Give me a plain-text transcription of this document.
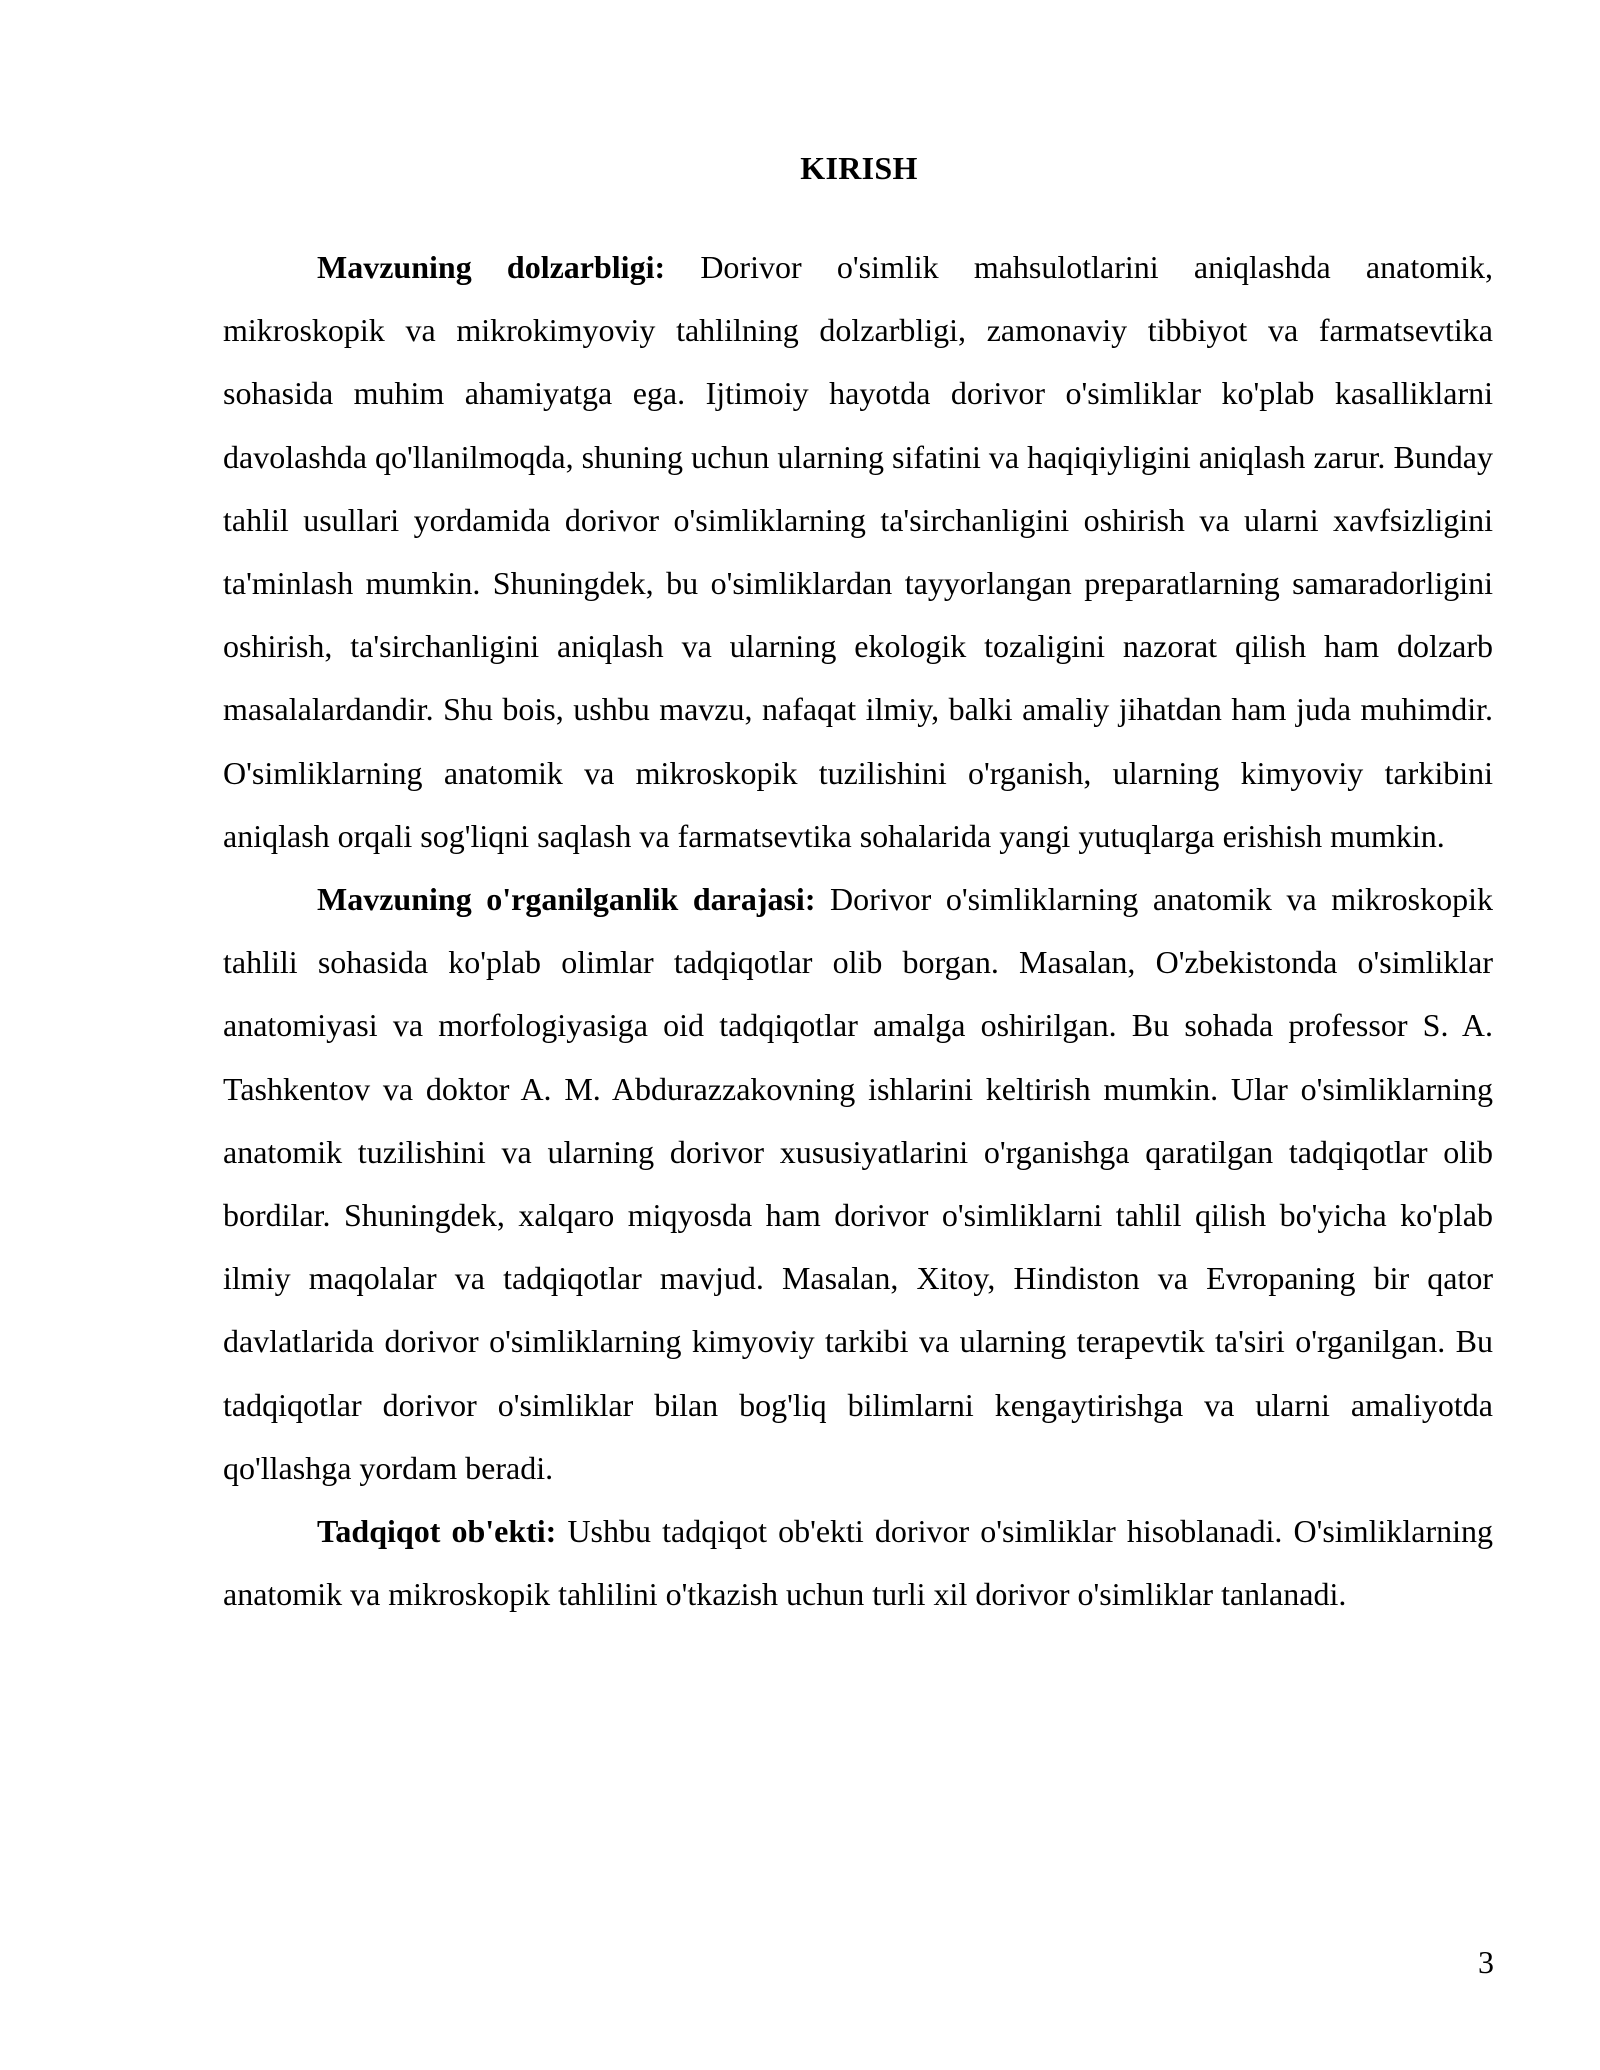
KIRISH

Mavzuning dolzarbligi: Dorivor o'simlik mahsulotlarini aniqlashda anatomik, mikroskopik va mikrokimyoviy tahlilning dolzarbligi, zamonaviy tibbiyot va farmatsevtika sohasida muhim ahamiyatga ega. Ijtimoiy hayotda dorivor o'simliklar ko'plab kasalliklarni davolashda qo'llanilmoqda, shuning uchun ularning sifatini va haqiqiyligini aniqlash zarur. Bunday tahlil usullari yordamida dorivor o'simliklarning ta'sirchanligini oshirish va ularni xavfsizligini ta'minlash mumkin. Shuningdek, bu o'simliklardan tayyorlangan preparatlarning samaradorligini oshirish, ta'sirchanligini aniqlash va ularning ekologik tozaligini nazorat qilish ham dolzarb masalalardandir. Shu bois, ushbu mavzu, nafaqat ilmiy, balki amaliy jihatdan ham juda muhimdir. O'simliklarning anatomik va mikroskopik tuzilishini o'rganish, ularning kimyoviy tarkibini aniqlash orqali sog'liqni saqlash va farmatsevtika sohalarida yangi yutuqlarga erishish mumkin.

Mavzuning o'rganilganlik darajasi: Dorivor o'simliklarning anatomik va mikroskopik tahlili sohasida ko'plab olimlar tadqiqotlar olib borgan. Masalan, O'zbekistonda o'simliklar anatomiyasi va morfologiyasiga oid tadqiqotlar amalga oshirilgan. Bu sohada professor S. A. Tashkentov va doktor A. M. Abdurazzakovning ishlarini keltirish mumkin. Ular o'simliklarning anatomik tuzilishini va ularning dorivor xususiyatlarini o'rganishga qaratilgan tadqiqotlar olib bordilar. Shuningdek, xalqaro miqyosda ham dorivor o'simliklarni tahlil qilish bo'yicha ko'plab ilmiy maqolalar va tadqiqotlar mavjud. Masalan, Xitoy, Hindiston va Evropaning bir qator davlatlarida dorivor o'simliklarning kimyoviy tarkibi va ularning terapevtik ta'siri o'rganilgan. Bu tadqiqotlar dorivor o'simliklar bilan bog'liq bilimlarni kengaytirishga va ularni amaliyotda qo'llashga yordam beradi.

Tadqiqot ob'ekti: Ushbu tadqiqot ob'ekti dorivor o'simliklar hisoblanadi. O'simliklarning anatomik va mikroskopik tahlilini o'tkazish uchun turli xil dorivor o'simliklar tanlanadi.

3
